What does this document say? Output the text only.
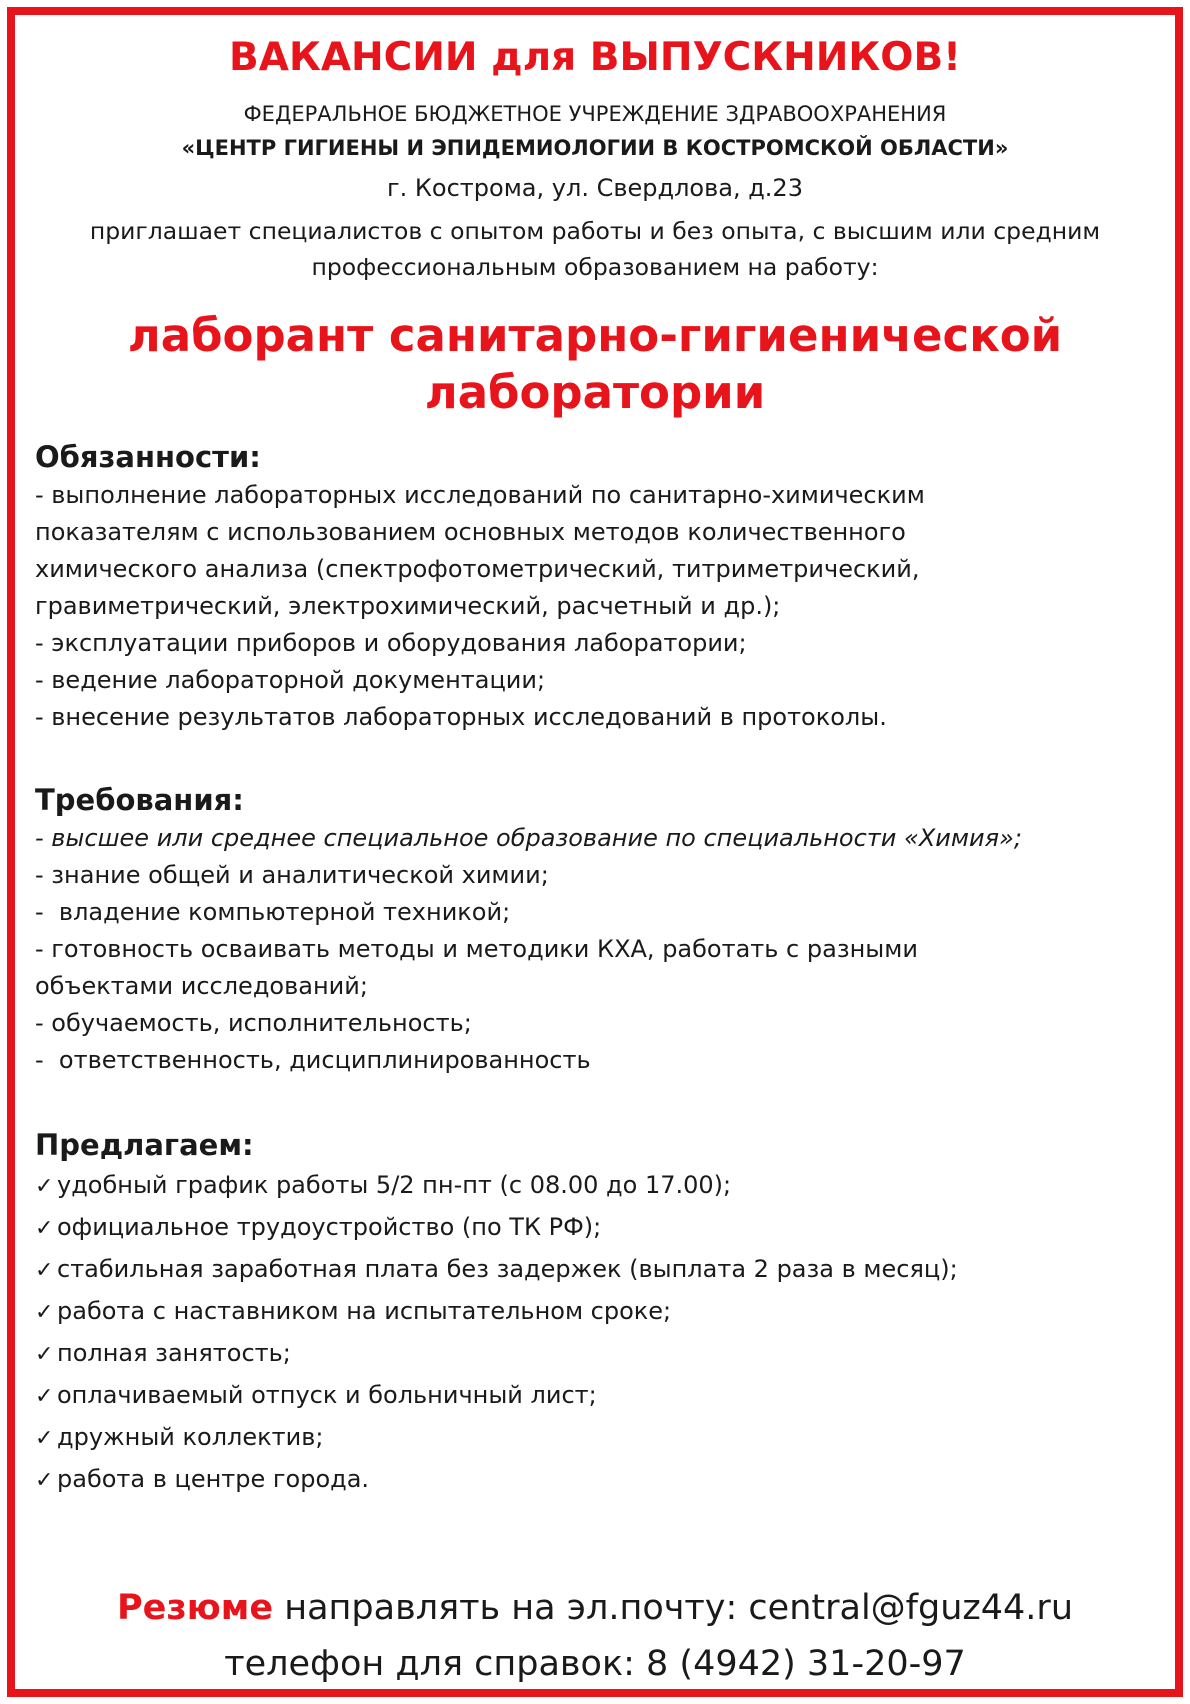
ВАКАНСИИ для ВЫПУСКНИКОВ!
ФЕДЕРАЛЬНОЕ БЮДЖЕТНОЕ УЧРЕЖДЕНИЕ ЗДРАВООХРАНЕНИЯ
«ЦЕНТР ГИГИЕНЫ И ЭПИДЕМИОЛОГИИ В КОСТРОМСКОЙ ОБЛАСТИ»
г. Кострома, ул. Свердлова, д.23
приглашает специалистов с опытом работы и без опыта, с высшим или средним
профессиональным образованием на работу:
лаборант санитарно-гигиенической
лаборатории
Обязанности:
- выполнение лабораторных исследований по санитарно-химическим
показателям с использованием основных методов количественного
химического анализа (спектрофотометрический, титриметрический,
гравиметрический, электрохимический, расчетный и др.);
- эксплуатации приборов и оборудования лаборатории;
- ведение лабораторной документации;
- внесение результатов лабораторных исследований в протоколы.
Требования:
- высшее или среднее специальное образование по специальности «Химия»;
- знание общей и аналитической химии;
-  владение компьютерной техникой;
- готовность осваивать методы и методики КХА, работать с разными
объектами исследований;
- обучаемость, исполнительность;
-  ответственность, дисциплинированность
Предлагаем:
✓ удобный график работы 5/2 пн-пт (с 08.00 до 17.00);
✓ официальное трудоустройство (по ТК РФ);
✓ стабильная заработная плата без задержек (выплата 2 раза в месяц);
✓ работа с наставником на испытательном сроке;
✓ полная занятость;
✓ оплачиваемый отпуск и больничный лист;
✓ дружный коллектив;
✓ работа в центре города.
Резюме направлять на эл.почту: central@fguz44.ru
телефон для справок: 8 (4942) 31-20-97
